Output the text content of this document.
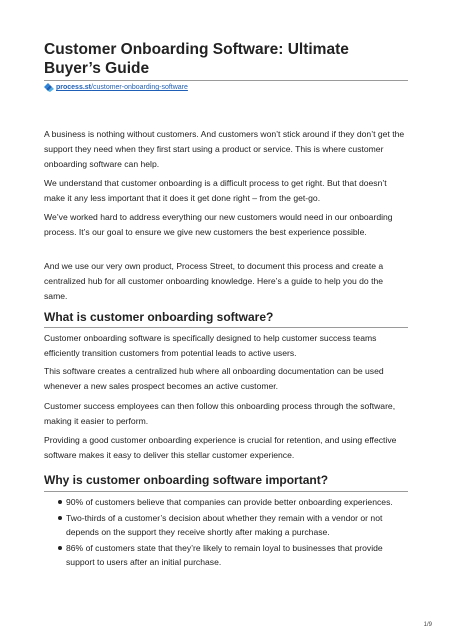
Customer Onboarding Software: Ultimate Buyer’s Guide
process.st /customer-onboarding-software

A business is nothing without customers. And customers won’t stick around if they don’t get the support they need when they first start using a product or service. This is where customer onboarding software can help.

We understand that customer onboarding is a difficult process to get right. But that doesn’t make it any less important that it does it get done right – from the get-go.

We’ve worked hard to address everything our new customers would need in our onboarding process. It’s our goal to ensure we give new customers the best experience possible.

And we use our very own product, Process Street, to document this process and create a centralized hub for all customer onboarding knowledge. Here’s a guide to help you do the same.

What is customer onboarding software?

Customer onboarding software is specifically designed to help customer success teams efficiently transition customers from potential leads to active users.

This software creates a centralized hub where all onboarding documentation can be used whenever a new sales prospect becomes an active customer.

Customer success employees can then follow this onboarding process through the software, making it easier to perform.

Providing a good customer onboarding experience is crucial for retention, and using effective software makes it easy to deliver this stellar customer experience.

Why is customer onboarding software important?
90% of customers believe that companies can provide better onboarding experiences.
Two-thirds of a customer’s decision about whether they remain with a vendor or not depends on the support they receive shortly after making a purchase.
86% of customers state that they’re likely to remain loyal to businesses that provide support to users after an initial purchase.
1/9
